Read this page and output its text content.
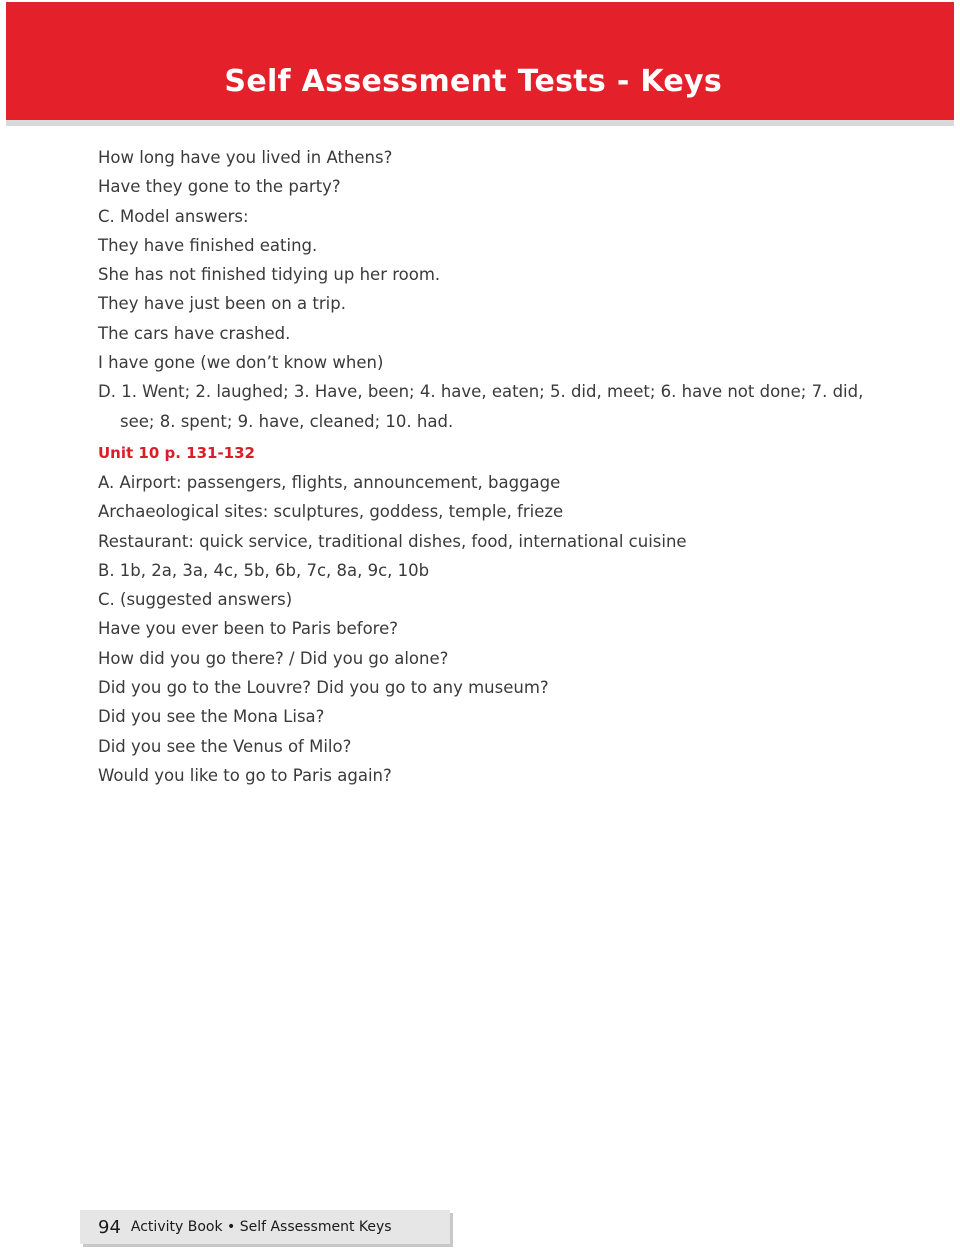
Self Assessment Tests - Keys
How long have you lived in Athens?
Have they gone to the party?
C. Model answers:
They have finished eating.
She has not finished tidying up her room.
They have just been on a trip.
The cars have crashed.
I have gone (we don’t know when)
D. 1. Went; 2. laughed; 3. Have, been; 4. have, eaten; 5. did, meet; 6. have not done; 7. did,
see; 8. spent; 9. have, cleaned; 10. had.
Unit 10 p. 131-132
A. Airport: passengers, flights, announcement, baggage
Archaeological sites: sculptures, goddess, temple, frieze
Restaurant: quick service, traditional dishes, food, international cuisine
B. 1b, 2a, 3a, 4c, 5b, 6b, 7c, 8a, 9c, 10b
C. (suggested answers)
Have you ever been to Paris before?
How did you go there? / Did you go alone?
Did you go to the Louvre? Did you go to any museum?
Did you see the Mona Lisa?
Did you see the Venus of Milo?
Would you like to go to Paris again?
94 Activity Book • Self Assessment Keys
